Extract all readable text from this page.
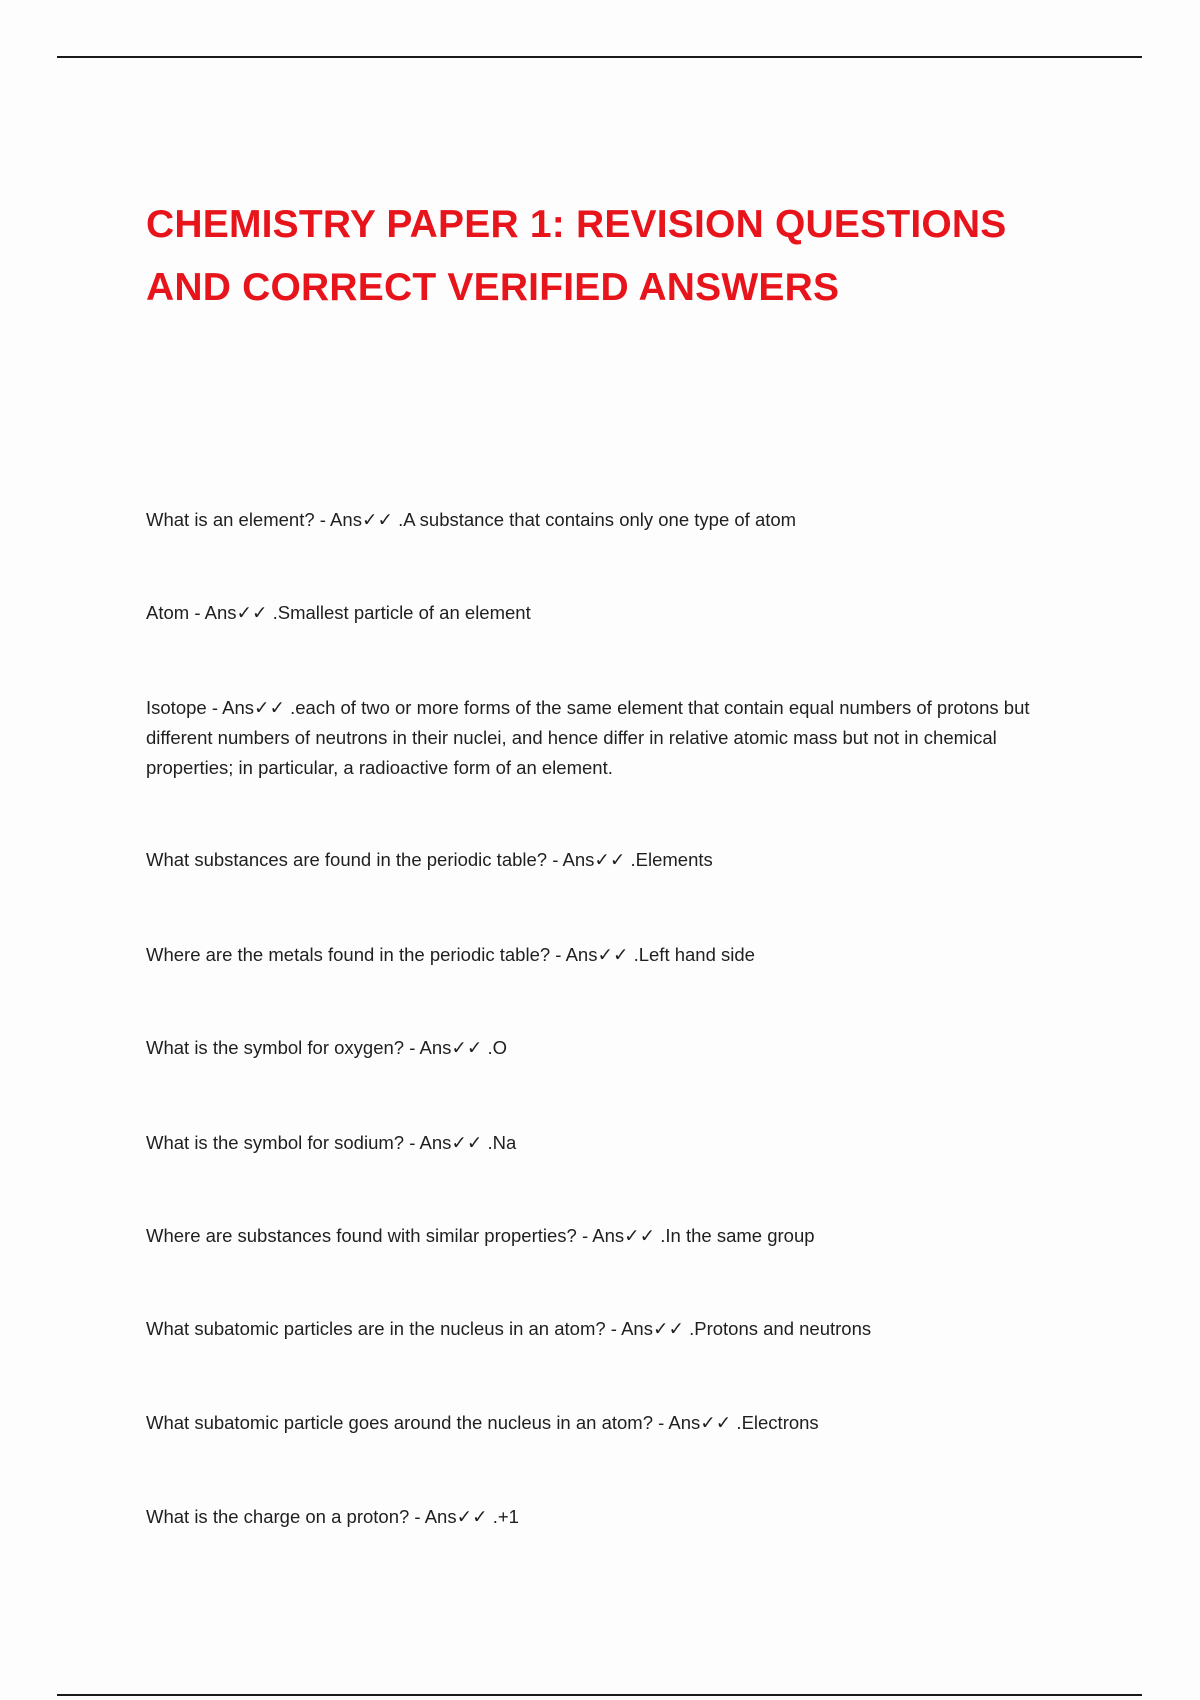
CHEMISTRY PAPER 1: REVISION QUESTIONS AND CORRECT VERIFIED ANSWERS
What is an element? - Ans✓✓ .A substance that contains only one type of atom
Atom - Ans✓✓ .Smallest particle of an element
Isotope - Ans✓✓ .each of two or more forms of the same element that contain equal numbers of protons but different numbers of neutrons in their nuclei, and hence differ in relative atomic mass but not in chemical properties; in particular, a radioactive form of an element.
What substances are found in the periodic table? - Ans✓✓ .Elements
Where are the metals found in the periodic table? - Ans✓✓ .Left hand side
What is the symbol for oxygen? - Ans✓✓ .O
What is the symbol for sodium? - Ans✓✓ .Na
Where are substances found with similar properties? - Ans✓✓ .In the same group
What subatomic particles are in the nucleus in an atom? - Ans✓✓ .Protons and neutrons
What subatomic particle goes around the nucleus in an atom? - Ans✓✓ .Electrons
What is the charge on a proton? - Ans✓✓ .+1
